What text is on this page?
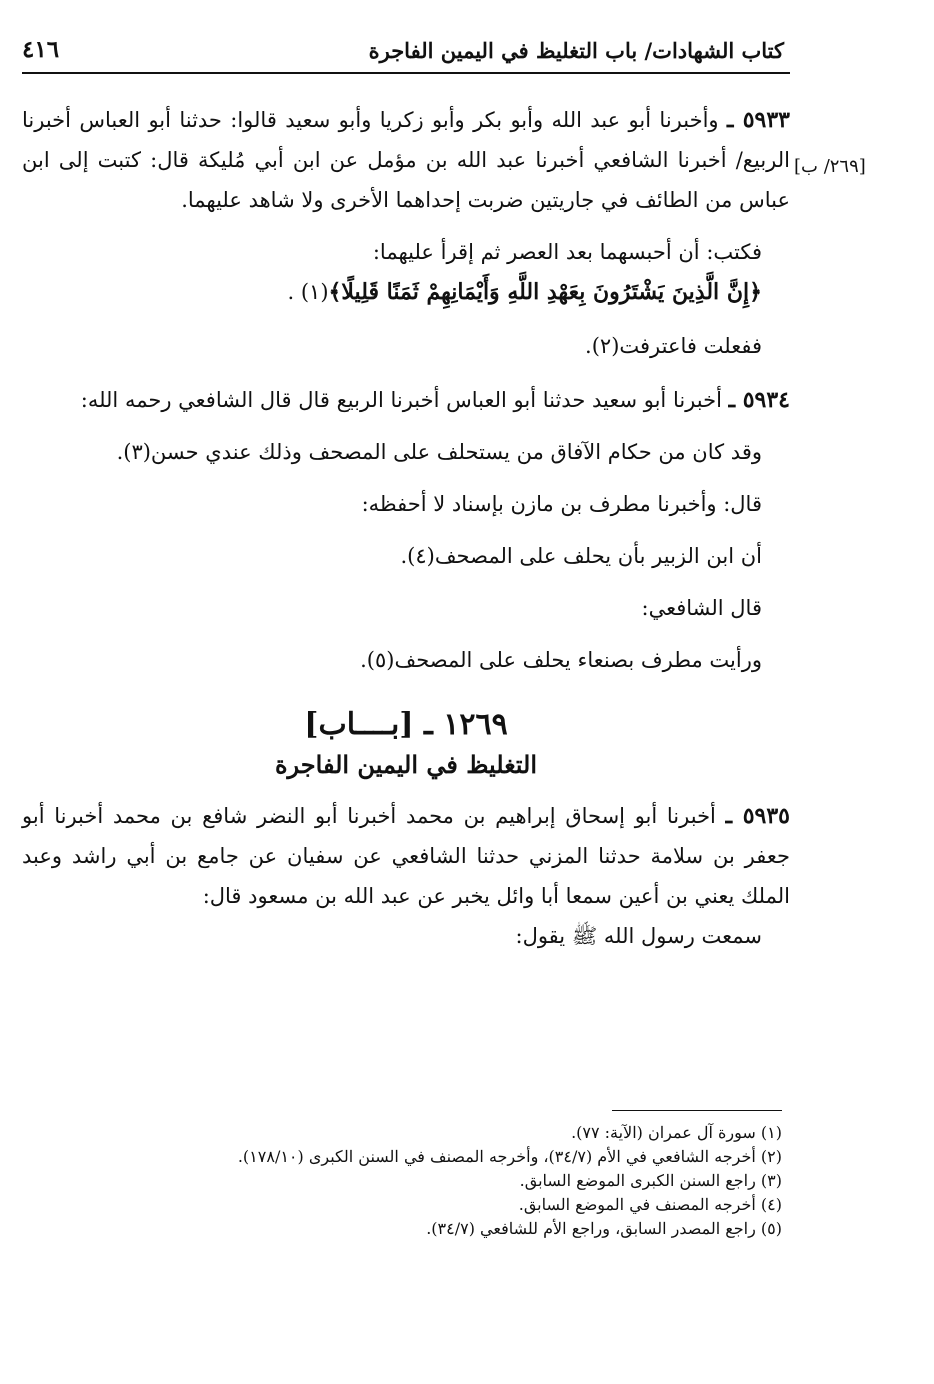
كتاب الشهادات/ باب التغليظ في اليمين الفاجرة
٤١٦
[٢٦٩/ ب]

٥٩٣٣ ـ وأخبرنا أبو عبد الله وأبو بكر وأبو زكريا وأبو سعيد قالوا: حدثنا أبو العباس أخبرنا الربيع/ أخبرنا الشافعي أخبرنا عبد الله بن مؤمل عن ابن أبي مُليكة قال: كتبت إلى ابن عباس من الطائف في جاريتين ضربت إحداهما الأخرى ولا شاهد عليهما.

فكتب: أن أحبسهما بعد العصر ثم إقرأ عليهما:

﴿إِنَّ الَّذِينَ يَشْتَرُونَ بِعَهْدِ اللَّهِ وَأَيْمَانِهِمْ ثَمَنًا قَلِيلًا﴾(١) .

ففعلت فاعترفت(٢).

٥٩٣٤ ـ أخبرنا أبو سعيد حدثنا أبو العباس أخبرنا الربيع قال قال الشافعي رحمه الله:

وقد كان من حكام الآفاق من يستحلف على المصحف وذلك عندي حسن(٣).

قال: وأخبرنا مطرف بن مازن بإسناد لا أحفظه:

أن ابن الزبير بأن يحلف على المصحف(٤).

قال الشافعي:

ورأيت مطرف بصنعاء يحلف على المصحف(٥).

١٢٦٩ ـ [بــــاب]
التغليظ في اليمين الفاجرة

٥٩٣٥ ـ أخبرنا أبو إسحاق إبراهيم بن محمد أخبرنا أبو النضر شافع بن محمد أخبرنا أبو جعفر بن سلامة حدثنا المزني حدثنا الشافعي عن سفيان عن جامع بن أبي راشد وعبد الملك يعني بن أعين سمعا أبا وائل يخبر عن عبد الله بن مسعود قال:

سمعت رسول الله ﷺ يقول:

(١) سورة آل عمران (الآية: ٧٧).
(٢) أخرجه الشافعي في الأم (٣٤/٧)، وأخرجه المصنف في السنن الكبرى (١٧٨/١٠).
(٣) راجع السنن الكبرى الموضع السابق.
(٤) أخرجه المصنف في الموضع السابق.
(٥) راجع المصدر السابق، وراجع الأم للشافعي (٣٤/٧).
